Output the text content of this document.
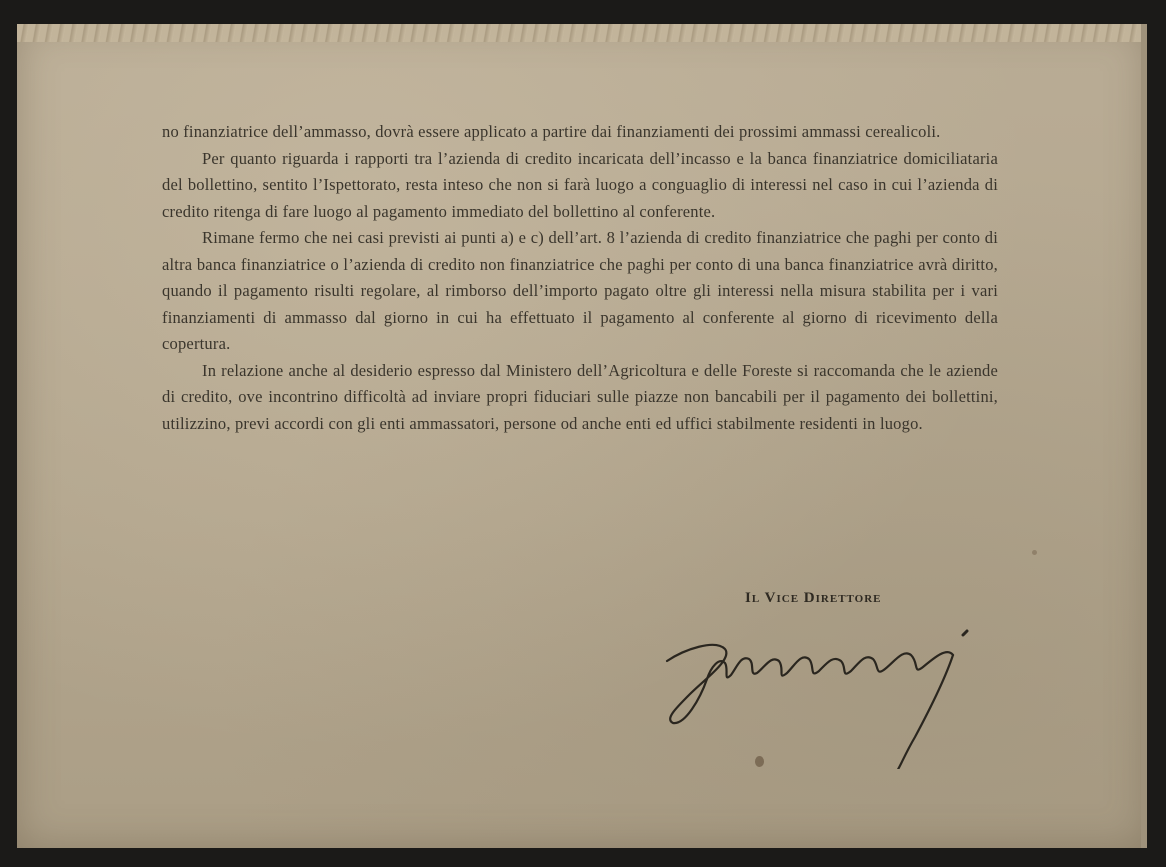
no finanziatrice dell’ammasso, dovrà essere applicato a partire dai finanziamenti dei prossimi ammassi cerealicoli.

Per quanto riguarda i rapporti tra l’azienda di credito incaricata dell’incasso e la banca finanziatrice domiciliataria del bollettino, sentito l’Ispettorato, resta inteso che non si farà luogo a conguaglio di interessi nel caso in cui l’azienda di credito ritenga di fare luogo al pagamento immediato del bollettino al conferente.

Rimane fermo che nei casi previsti ai punti a) e c) dell’art. 8 l’azienda di credito finanziatrice che paghi per conto di altra banca finanziatrice o l’azienda di credito non finanziatrice che paghi per conto di una banca finanziatrice avrà diritto, quando il pagamento risulti regolare, al rimborso dell’importo pagato oltre gli interessi nella misura stabilita per i vari finanziamenti di ammasso dal giorno in cui ha effettuato il pagamento al conferente al giorno di ricevimento della copertura.

In relazione anche al desiderio espresso dal Ministero dell’Agricoltura e delle Foreste si raccomanda che le aziende di credito, ove incontrino difficoltà ad inviare propri fiduciari sulle piazze non bancabili per il pagamento dei bollettini, utilizzino, previ accordi con gli enti ammassatori, persone od anche enti ed uffici stabilmente residenti in luogo.

Il Vice Direttore
